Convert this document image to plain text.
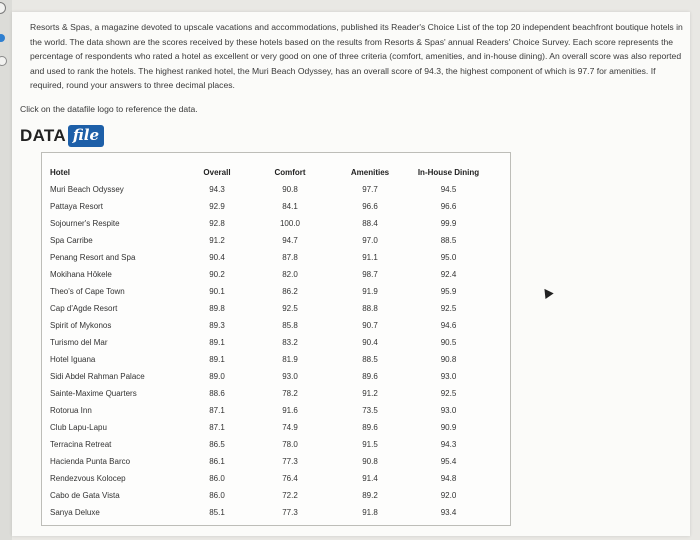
Resorts & Spas, a magazine devoted to upscale vacations and accommodations, published its Reader's Choice List of the top 20 independent beachfront boutique hotels in the world. The data shown are the scores received by these hotels based on the results from Resorts & Spas' annual Readers' Choice Survey. Each score represents the percentage of respondents who rated a hotel as excellent or very good on one of three criteria (comfort, amenities, and in-house dining). An overall score was also reported and used to rank the hotels. The highest ranked hotel, the Muri Beach Odyssey, has an overall score of 94.3, the highest component of which is 97.7 for amenities. If required, round your answers to three decimal places.

Click on the datafile logo to reference the data.
DATA file
Hotel	Overall	Comfort	Amenities	In-House Dining
Muri Beach Odyssey	94.3	90.8	97.7	94.5
Pattaya Resort	92.9	84.1	96.6	96.6
Sojourner's Respite	92.8	100.0	88.4	99.9
Spa Carribe	91.2	94.7	97.0	88.5
Penang Resort and Spa	90.4	87.8	91.1	95.0
Mokihana Hōkele	90.2	82.0	98.7	92.4
Theo's of Cape Town	90.1	86.2	91.9	95.9
Cap d'Agde Resort	89.8	92.5	88.8	92.5
Spirit of Mykonos	89.3	85.8	90.7	94.6
Turismo del Mar	89.1	83.2	90.4	90.5
Hotel Iguana	89.1	81.9	88.5	90.8
Sidi Abdel Rahman Palace	89.0	93.0	89.6	93.0
Sainte-Maxime Quarters	88.6	78.2	91.2	92.5
Rotorua Inn	87.1	91.6	73.5	93.0
Club Lapu-Lapu	87.1	74.9	89.6	90.9
Terracina Retreat	86.5	78.0	91.5	94.3
Hacienda Punta Barco	86.1	77.3	90.8	95.4
Rendezvous Kolocep	86.0	76.4	91.4	94.8
Cabo de Gata Vista	86.0	72.2	89.2	92.0
Sanya Deluxe	85.1	77.3	91.8	93.4
